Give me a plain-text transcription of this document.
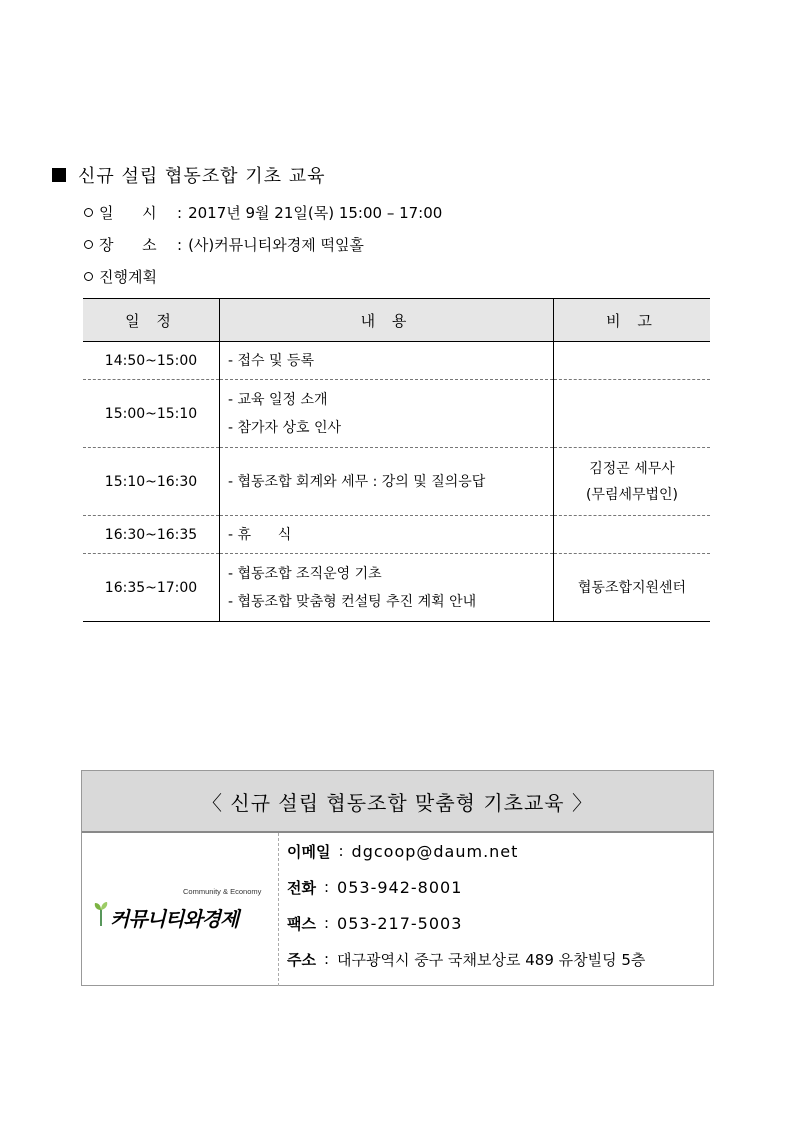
신규 설립 협동조합 기초 교육
일      시	: 2017년 9월 21일(목) 15:00 – 17:00
장      소	: (사)커뮤니티와경제 떡잎홀
진행계획
일 정	내 용	비 고
14:50~15:00	- 접수 및 등록	

15:00~15:10	- 교육 일정 소개
- 참가자 상호 인사	

15:10~16:30	- 협동조합 회계와 세무 : 강의 및 질의응답	김정곤 세무사
(무림세무법인)

16:30~16:35	- 휴      식	

16:35~17:00	- 협동조합 조직운영 기초
- 협동조합 맞춤형 컨설팅 추진 계획 안내	협동조합지원센터
〈 신규 설립 협동조합 맞춤형 기초교육 〉
Community & Economy
커뮤니티와경제
이메일 : dgcoop@daum.net
전화 : 053-942-8001
팩스 : 053-217-5003
주소 : 대구광역시 중구 국채보상로 489 유창빌딩 5층
